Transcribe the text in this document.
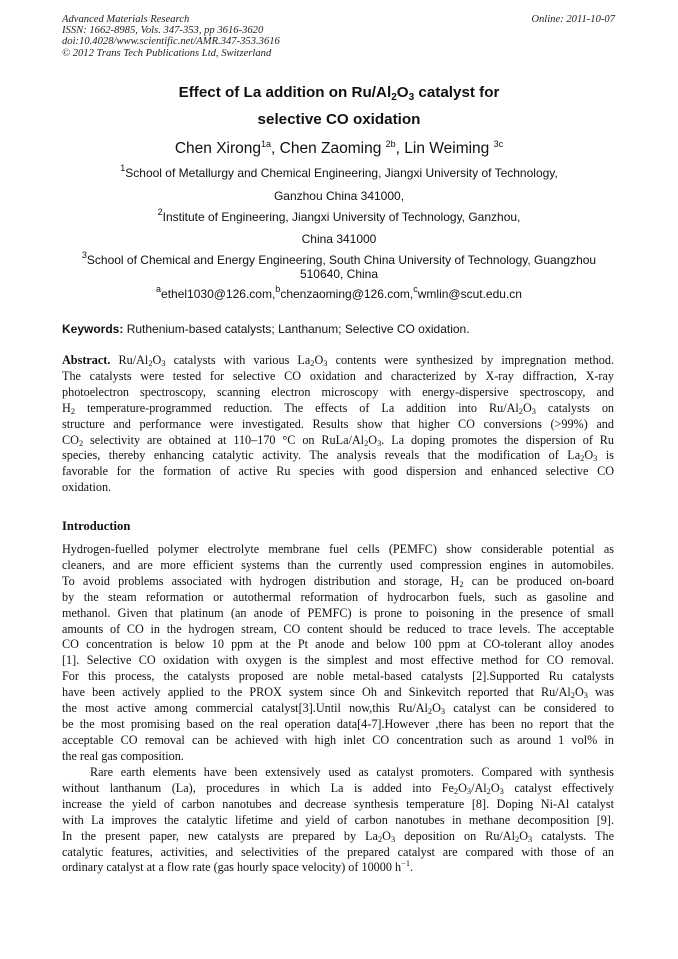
Advanced Materials Research
ISSN: 1662-8985, Vols. 347-353, pp 3616-3620
doi:10.4028/www.scientific.net/AMR.347-353.3616
© 2012 Trans Tech Publications Ltd, Switzerland
Online: 2011-10-07
Effect of La addition on $Ru/Al_2O_3$ catalyst for
selective CO oxidation
Chen Xirong$^{1a}$, Chen Zaoming $^{2b}$, Lin Weiming $^{3c}$
$^1$School of Metallurgy and Chemical Engineering, Jiangxi University of Technology,
Ganzhou China 341000,
$^2$Institute of Engineering, Jiangxi University of Technology, Ganzhou,
China 341000
$^3$School of Chemical and Energy Engineering, South China University of Technology, Guangzhou
510640, China
$^a$ethel1030@126.com,$^b$chenzaoming@126.com,$^c$wmlin@scut.edu.cn
Keywords: Ruthenium-based catalysts; Lanthanum; Selective CO oxidation.
Abstract. $Ru/Al_2O_3$ catalysts with various $La_2O_3$ contents were synthesized by impregnation method.
The catalysts were tested for selective CO oxidation and characterized by X-ray diffraction, X-ray
photoelectron spectroscopy, scanning electron microscopy with energy-dispersive spectroscopy, and
$H_2$ temperature-programmed reduction. The effects of La addition into $Ru/Al_2O_3$ catalysts on
structure and performance were investigated. Results show that higher CO conversions (>99%) and
$CO_2$ selectivity are obtained at 110–170 °C on RuLa/$Al_2O_3$. La doping promotes the dispersion of Ru
species, thereby enhancing catalytic activity. The analysis reveals that the modification of $La_2O_3$ is
favorable for the formation of active Ru species with good dispersion and enhanced selective CO
oxidation.
Introduction
Hydrogen-fuelled polymer electrolyte membrane fuel cells (PEMFC) show considerable potential as
cleaners, and are more efficient systems than the currently used compression engines in automobiles.
To avoid problems associated with hydrogen distribution and storage, $H_2$ can be produced on-board
by the steam reformation or autothermal reformation of hydrocarbon fuels, such as gasoline and
methanol. Given that platinum (an anode of PEMFC) is prone to poisoning in the presence of small
amounts of CO in the hydrogen stream, CO content should be reduced to trace levels. The acceptable
CO concentration is below 10 ppm at the Pt anode and below 100 ppm at CO-tolerant alloy anodes
[1]. Selective CO oxidation with oxygen is the simplest and most effective method for CO removal.
For this process, the catalysts proposed are noble metal-based catalysts [2].Supported Ru catalysts
have been actively applied to the PROX system since Oh and Sinkevitch reported that $Ru/Al_2O_3$ was
the most active among commercial catalyst[3].Until now,this $Ru/Al_2O_3$ catalyst can be considered to
be the most promising based on the real operation data[4-7].However ,there has been no report that the
acceptable CO removal can be achieved with high inlet CO concentration such as around 1 vol% in
the real gas composition.
Rare earth elements have been extensively used as catalyst promoters. Compared with synthesis
without lanthanum (La), procedures in which La is added into $Fe_2O_3/Al_2O_3$ catalyst effectively
increase the yield of carbon nanotubes and decrease synthesis temperature [8]. Doping Ni-Al catalyst
with La improves the catalytic lifetime and yield of carbon nanotubes in methane decomposition [9].
In the present paper, new catalysts are prepared by $La_2O_3$ deposition on $Ru/Al_2O_3$ catalysts. The
catalytic features, activities, and selectivities of the prepared catalyst are compared with those of an
ordinary catalyst at a flow rate (gas hourly space velocity) of 10000 $h^{-1}$.
